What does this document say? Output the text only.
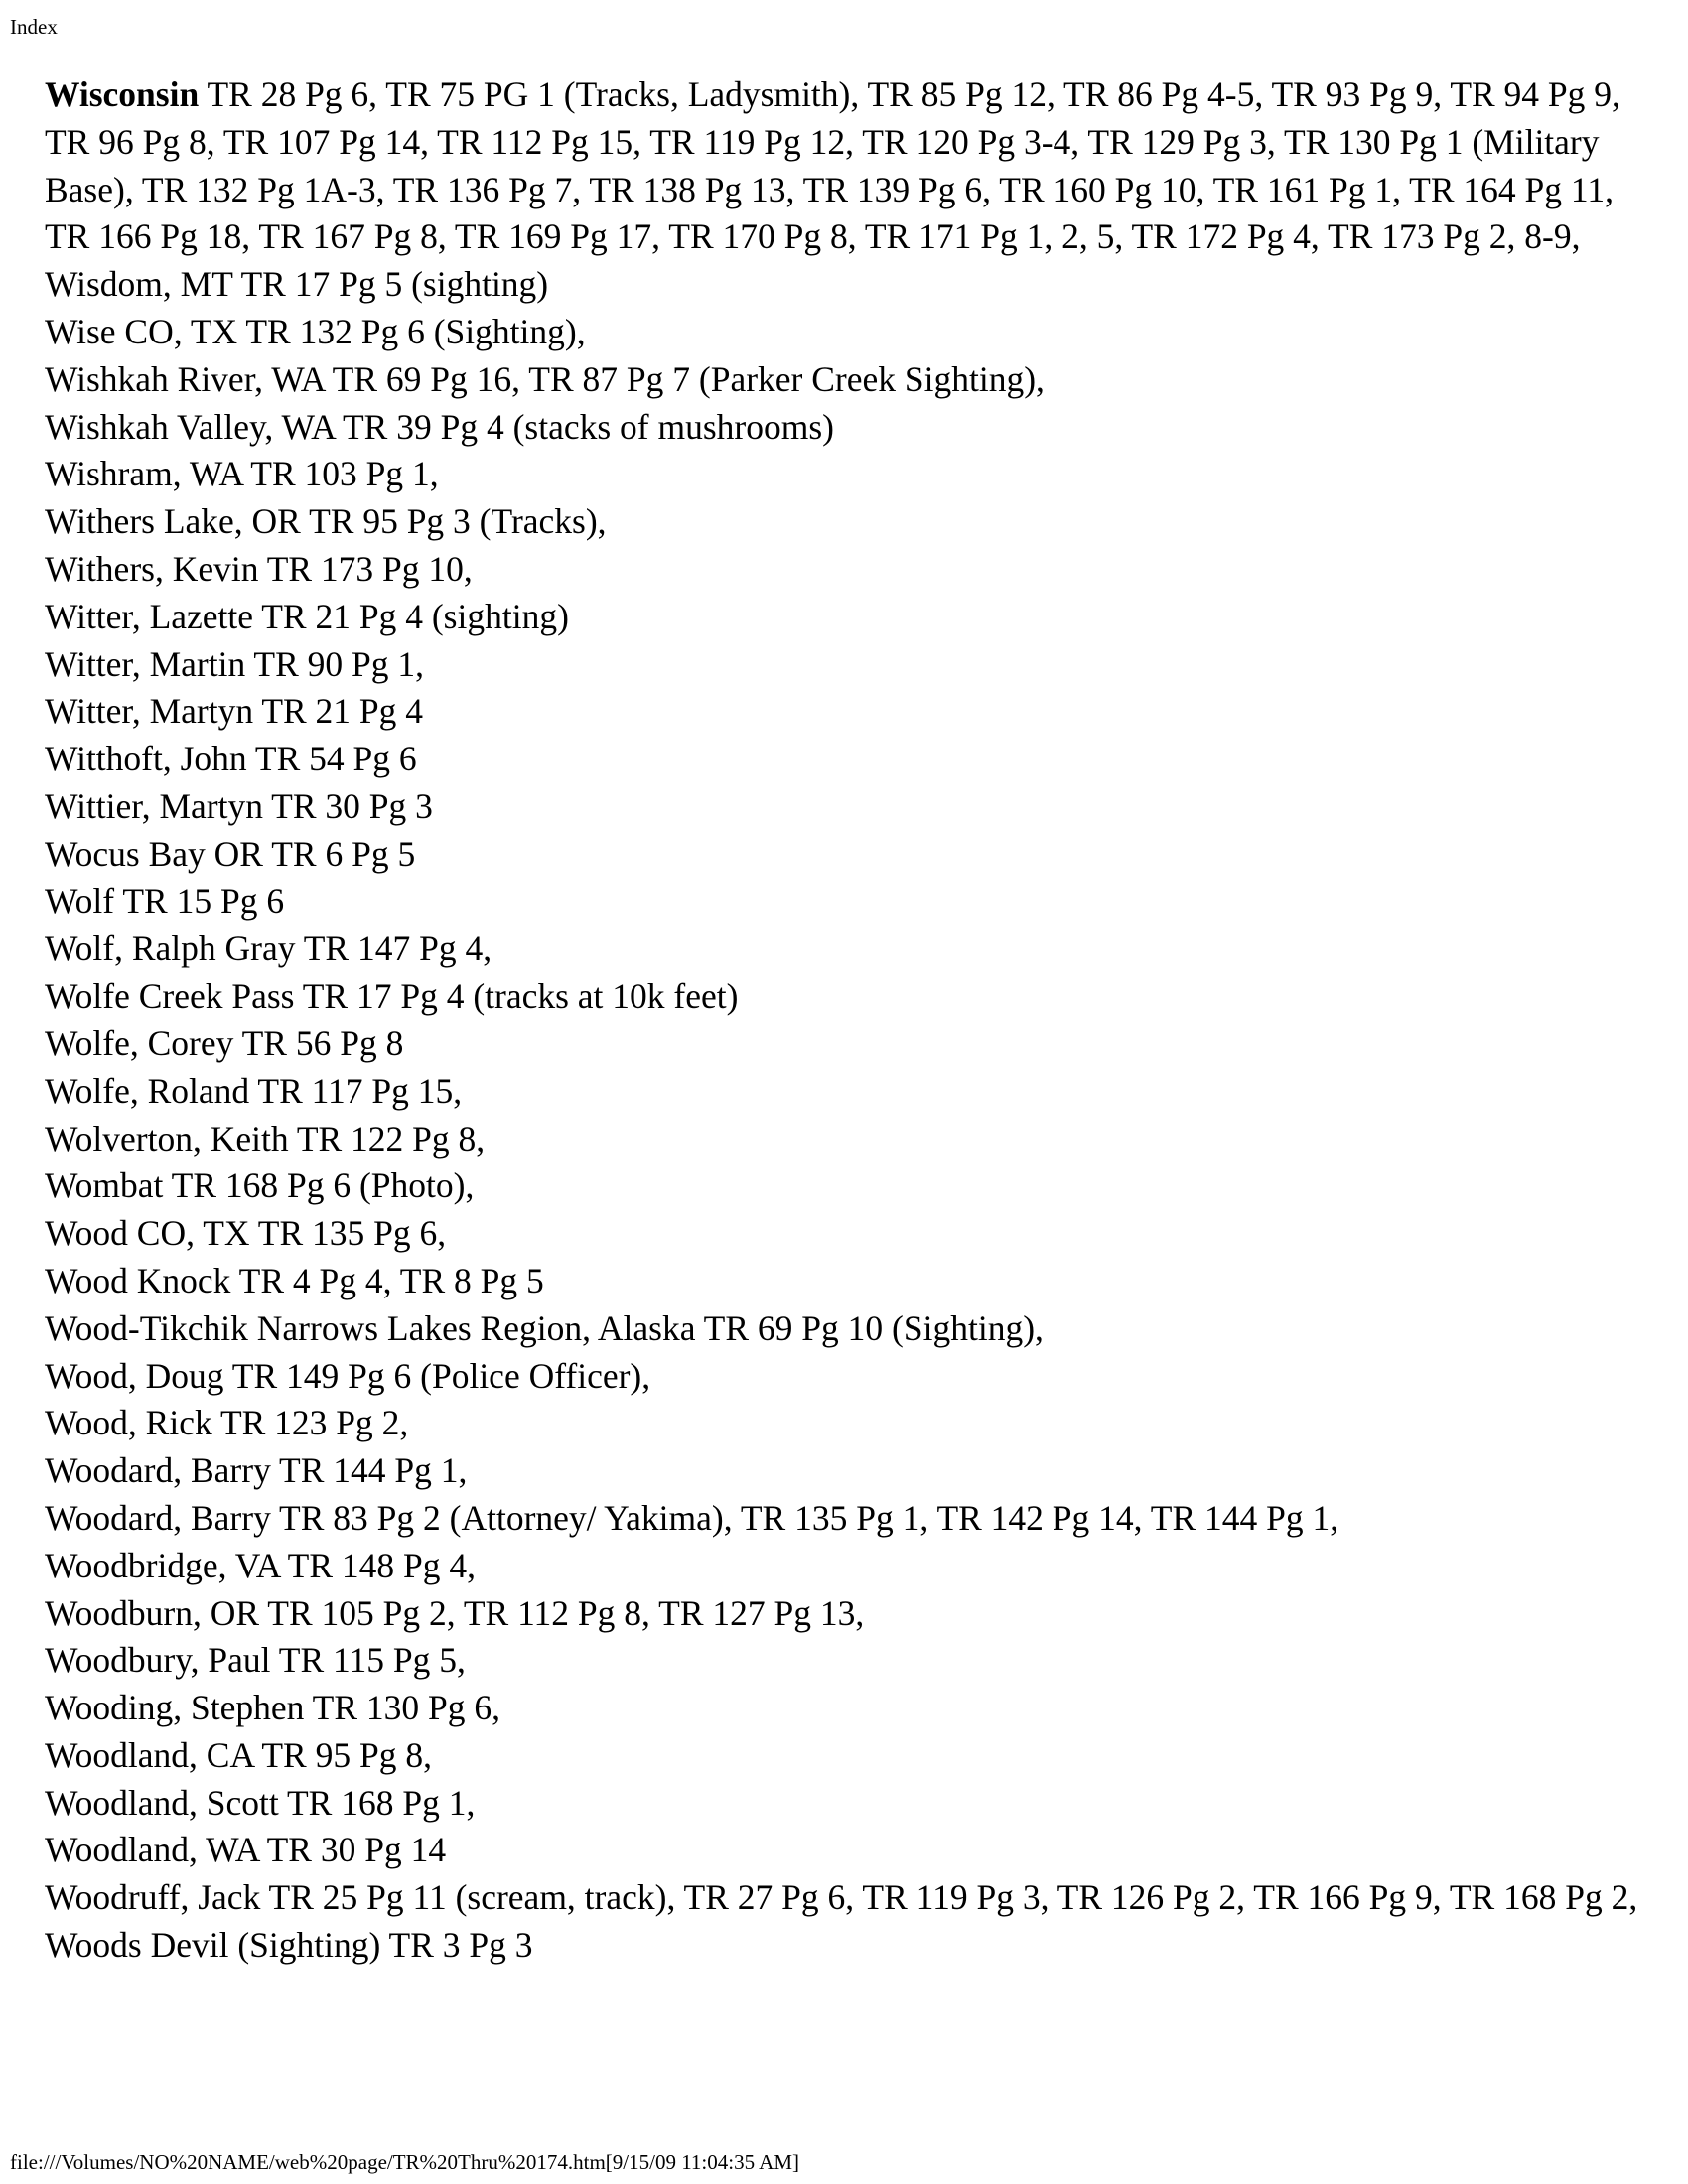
Index

Wisconsin TR 28 Pg 6, TR 75 PG 1 (Tracks, Ladysmith), TR 85 Pg 12, TR 86 Pg 4-5, TR 93 Pg 9, TR 94 Pg 9, TR 96 Pg 8, TR 107 Pg 14, TR 112 Pg 15, TR 119 Pg 12, TR 120 Pg 3-4, TR 129 Pg 3, TR 130 Pg 1 (Military Base), TR 132 Pg 1A-3, TR 136 Pg 7, TR 138 Pg 13, TR 139 Pg 6, TR 160 Pg 10, TR 161 Pg 1, TR 164 Pg 11, TR 166 Pg 18, TR 167 Pg 8, TR 169 Pg 17, TR 170 Pg 8, TR 171 Pg 1, 2, 5, TR 172 Pg 4, TR 173 Pg 2, 8-9,

Wisdom, MT TR 17 Pg 5 (sighting)

Wise CO, TX TR 132 Pg 6 (Sighting),

Wishkah River, WA TR 69 Pg 16, TR 87 Pg 7 (Parker Creek Sighting),

Wishkah Valley, WA TR 39 Pg 4 (stacks of mushrooms)

Wishram, WA TR 103 Pg 1,

Withers Lake, OR TR 95 Pg 3 (Tracks),

Withers, Kevin TR 173 Pg 10,

Witter, Lazette TR 21 Pg 4 (sighting)

Witter, Martin TR 90 Pg 1,

Witter, Martyn TR 21 Pg 4

Witthoft, John TR 54 Pg 6

Wittier, Martyn TR 30 Pg 3

Wocus Bay OR TR 6 Pg 5

Wolf TR 15 Pg 6

Wolf, Ralph Gray TR 147 Pg 4,

Wolfe Creek Pass TR 17 Pg 4 (tracks at 10k feet)

Wolfe, Corey TR 56 Pg 8

Wolfe, Roland TR 117 Pg 15,

Wolverton, Keith TR 122 Pg 8,

Wombat TR 168 Pg 6 (Photo),

Wood CO, TX TR 135 Pg 6,

Wood Knock TR 4 Pg 4, TR 8 Pg 5

Wood-Tikchik Narrows Lakes Region, Alaska TR 69 Pg 10 (Sighting),

Wood, Doug TR 149 Pg 6 (Police Officer),

Wood, Rick TR 123 Pg 2,

Woodard, Barry TR 144 Pg 1,

Woodard, Barry TR 83 Pg 2 (Attorney/ Yakima), TR 135 Pg 1, TR 142 Pg 14, TR 144 Pg 1,

Woodbridge, VA TR 148 Pg 4,

Woodburn, OR TR 105 Pg 2, TR 112 Pg 8, TR 127 Pg 13,

Woodbury, Paul TR 115 Pg 5,

Wooding, Stephen TR 130 Pg 6,

Woodland, CA TR 95 Pg 8,

Woodland, Scott TR 168 Pg 1,

Woodland, WA TR 30 Pg 14

Woodruff, Jack TR 25 Pg 11 (scream, track), TR 27 Pg 6, TR 119 Pg 3, TR 126 Pg 2, TR 166 Pg 9, TR 168 Pg 2,

Woods Devil (Sighting) TR 3 Pg 3

file:///Volumes/NO%20NAME/web%20page/TR%20Thru%20174.htm[9/15/09 11:04:35 AM]
